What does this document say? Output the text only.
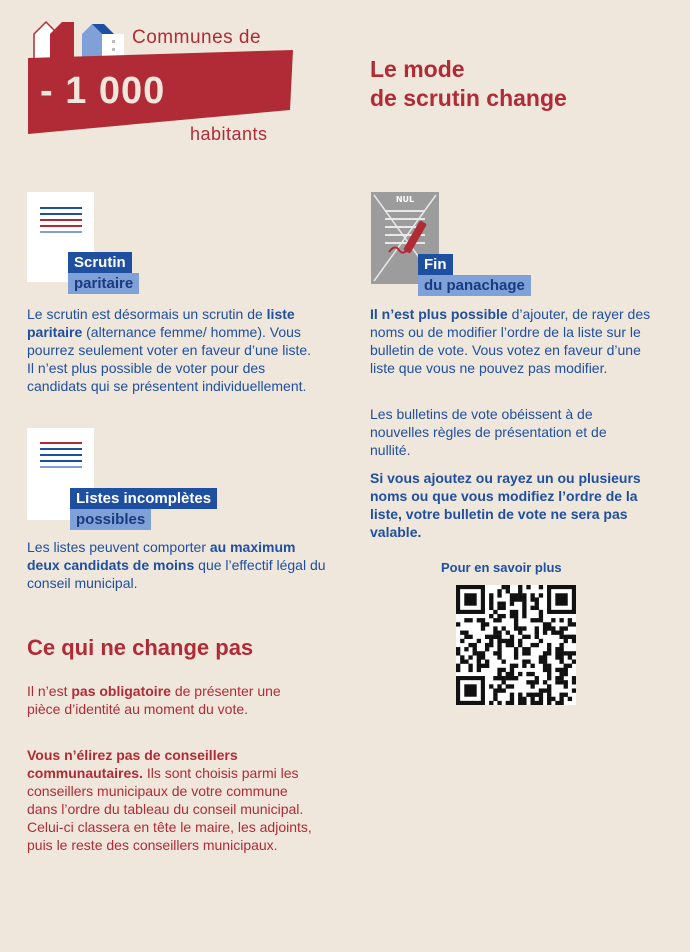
Communes de
- 1 000
habitants
Le mode
de scrutin change
Scrutin
paritaire
Le scrutin est désormais un scrutin de liste paritaire (alternance femme/ homme). Vous pourrez seulement voter en faveur d’une liste. Il n’est plus possible de voter pour des candidats qui se présentent individuellement.
Listes incomplètes
possibles
Les listes peuvent comporter au maximum deux candidats de moins que l’effectif légal du conseil municipal.
NUL
Fin
du panachage
Il n’est plus possible d’ajouter, de rayer des noms ou de modifier l’ordre de la liste sur le bulletin de vote. Vous votez en faveur d’une liste que vous ne pouvez pas modifier.
Les bulletins de vote obéissent à de nouvelles règles de présentation et de nullité.
Si vous ajoutez ou rayez un ou plusieurs noms ou que vous modifiez l’ordre de la liste, votre bulletin de vote ne sera pas valable.
Pour en savoir plus
Ce qui ne change pas
Il n’est pas obligatoire de présenter une pièce d’identité au moment du vote.
Vous n’élirez pas de conseillers communautaires. Ils sont choisis parmi les conseillers municipaux de votre commune dans l’ordre du tableau du conseil municipal. Celui-ci classera en tête le maire, les adjoints, puis le reste des conseillers municipaux.
